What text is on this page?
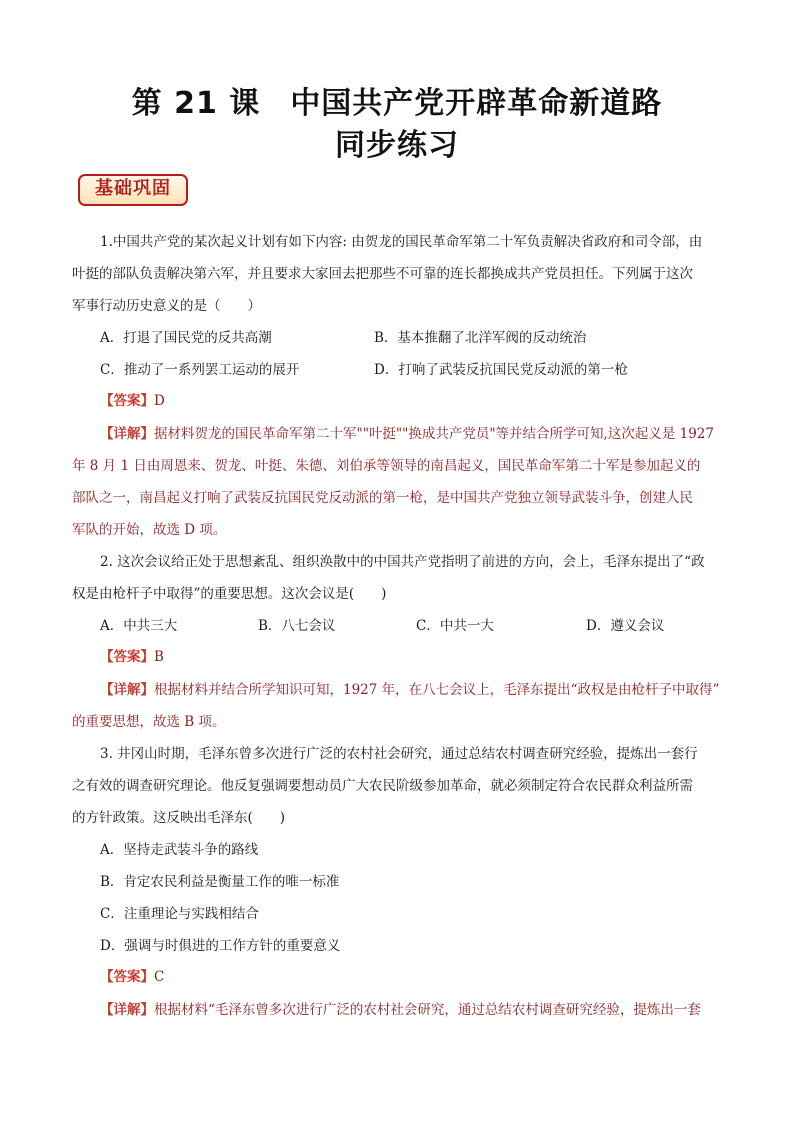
第 21 课 中国共产党开辟革命新道路
同步练习
基础巩固
1.中国共产党的某次起义计划有如下内容: 由贺龙的国民革命军第二十军负责解决省政府和司令部，由
叶挺的部队负责解决第六军，并且要求大家回去把那些不可靠的连长都换成共产党员担任。下列属于这次
军事行动历史意义的是（　　）
A．打退了国民党的反共高潮	B．基本推翻了北洋军阀的反动统治
C．推动了一系列罢工运动的展开	D．打响了武装反抗国民党反动派的第一枪
【答案】D
【详解】据材料贺龙的国民革命军第二十军""叶挺""换成共产党员"等并结合所学可知,这次起义是 1927
年 8 月 1 日由周恩来、贺龙、叶挺、朱德、刘伯承等领导的南昌起义，国民革命军第二十军是参加起义的
部队之一，南昌起义打响了武装反抗国民党反动派的第一枪，是中国共产党独立领导武装斗争，创建人民
军队的开始，故选 D 项。
2. 这次会议给正处于思想紊乱、组织涣散中的中国共产党指明了前进的方向，会上，毛泽东提出了“政
权是由枪杆子中取得”的重要思想。这次会议是(　　)
A．中共三大	B．八七会议	C．中共一大	D．遵义会议
【答案】B
【详解】根据材料并结合所学知识可知，1927 年，在八七会议上，毛泽东提出“政权是由枪杆子中取得”
的重要思想，故选 B 项。
3. 井冈山时期，毛泽东曾多次进行广泛的农村社会研究，通过总结农村调查研究经验，提炼出一套行
之有效的调查研究理论。他反复强调要想动员广大农民阶级参加革命，就必须制定符合农民群众利益所需
的方针政策。这反映出毛泽东(　　)
A．坚持走武装斗争的路线
B．肯定农民利益是衡量工作的唯一标准
C．注重理论与实践相结合
D．强调与时俱进的工作方针的重要意义
【答案】C
【详解】根据材料“毛泽东曾多次进行广泛的农村社会研究，通过总结农村调查研究经验，提炼出一套
